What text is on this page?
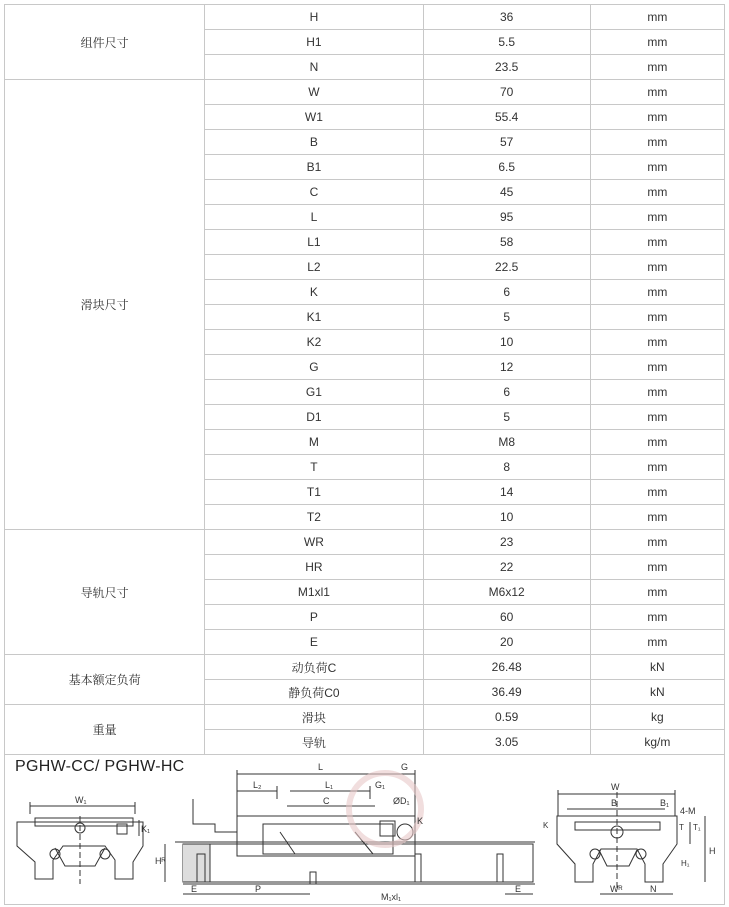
组件尺寸	H	36	mm
	H1	5.5	mm
	N	23.5	mm
滑块尺寸	W	70	mm
	W1	55.4	mm
	B	57	mm
	B1	6.5	mm
	C	45	mm
	L	95	mm
	L1	58	mm
	L2	22.5	mm
	K	6	mm
	K1	5	mm
	K2	10	mm
	G	12	mm
	G1	6	mm
	D1	5	mm
	M	M8	mm
	T	8	mm
	T1	14	mm
	T2	10	mm
导轨尺寸	WR	23	mm
	HR	22	mm
	M1xl1	M6x12	mm
	P	60	mm
	E	20	mm
基本额定负荷	动负荷C	26.48	kN
	静负荷C0	36.49	kN
重量	滑块	0.59	kg
	导轨	3.05	kg/m
PGHW-CC/ PGHW-HC
W₁
K₁
L
L₂	L₁
G
G₁
C	ØD₁
K
E	P
Hᴿ
M₁xl₁
E
W
B	B₁
4-M
T T₁
K
H₁
H
Wᴿ	N
